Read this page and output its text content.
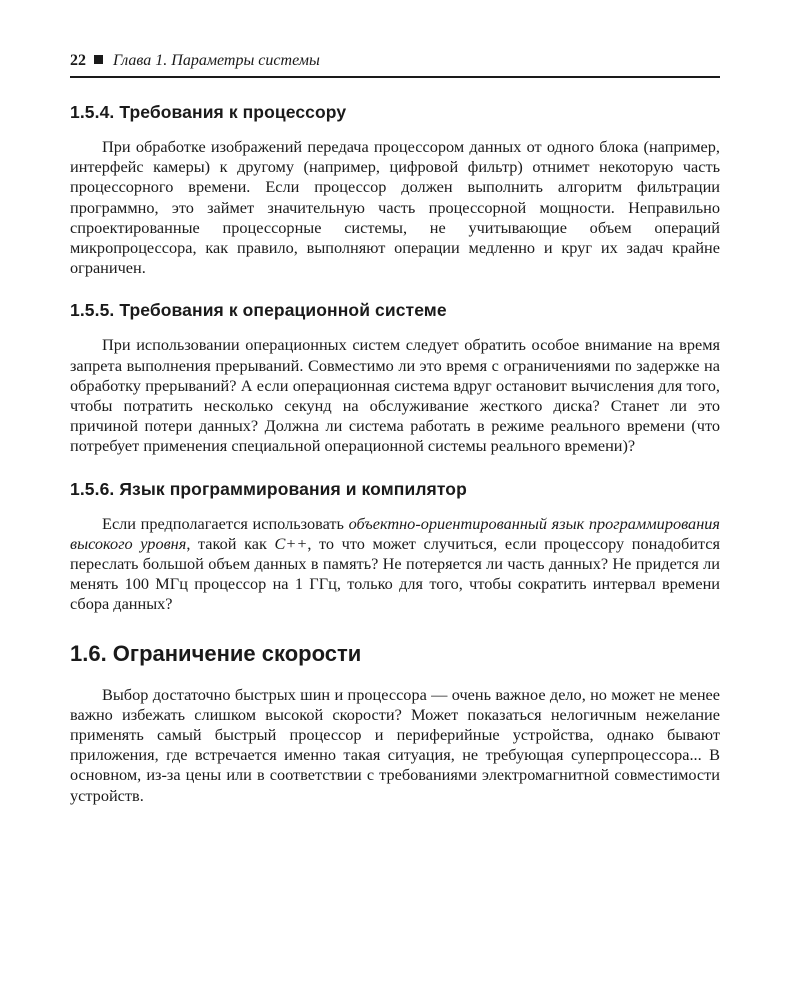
22 Глава 1. Параметры системы
1.5.4. Требования к процессору

При обработке изображений передача процессором данных от одного блока (например, интерфейс камеры) к другому (например, цифровой фильтр) отнимет некоторую часть процессорного времени. Если процессор должен выполнить алгоритм фильтрации программно, это займет значительную часть процессорной мощности. Неправильно спроектированные процессорные системы, не учитывающие объем операций микропроцессора, как правило, выполняют операции медленно и круг их задач крайне ограничен.

1.5.5. Требования к операционной системе

При использовании операционных систем следует обратить особое внимание на время запрета выполнения прерываний. Совместимо ли это время с ограничениями по задержке на обработку прерываний? А если операционная система вдруг остановит вычисления для того, чтобы потратить несколько секунд на обслуживание жесткого диска? Станет ли это причиной потери данных? Должна ли система работать в режиме реального времени (что потребует применения специальной операционной системы реального времени)?

1.5.6. Язык программирования и компилятор

Если предполагается использовать объектно-ориентированный язык программирования высокого уровня, такой как C++, то что может случиться, если процессору понадобится переслать большой объем данных в память? Не потеряется ли часть данных? Не придется ли менять 100 МГц процессор на 1 ГГц, только для того, чтобы сократить интервал времени сбора данных?

1.6. Ограничение скорости

Выбор достаточно быстрых шин и процессора — очень важное дело, но может не менее важно избежать слишком высокой скорости? Может показаться нелогичным нежелание применять самый быстрый процессор и периферийные устройства, однако бывают приложения, где встречается именно такая ситуация, не требующая суперпроцессора... В основном, из-за цены или в соответствии с требованиями электромагнитной совместимости устройств.
